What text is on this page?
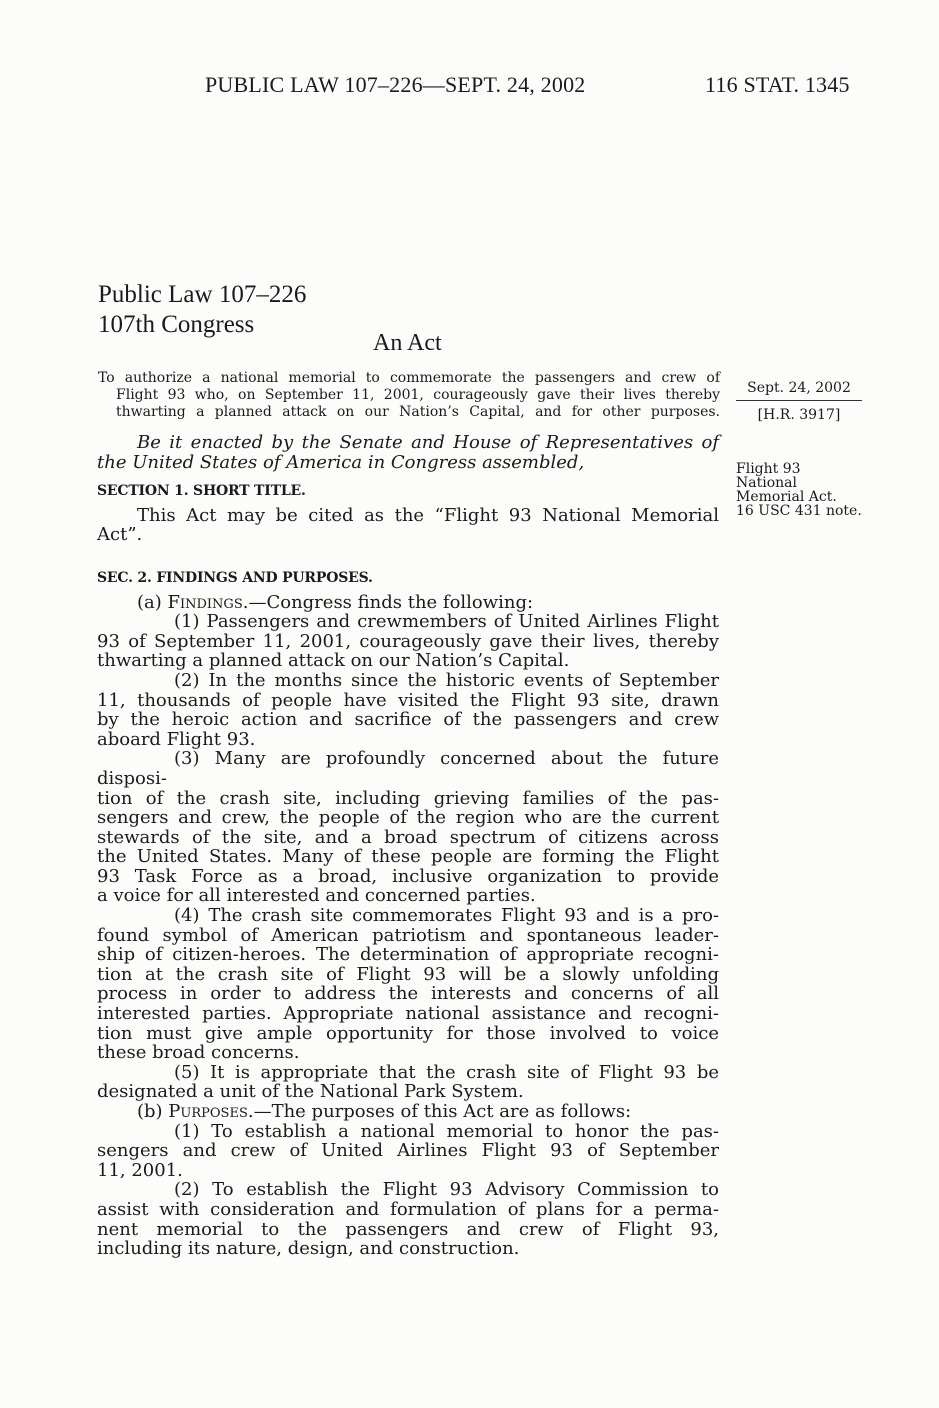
PUBLIC LAW 107–226—SEPT. 24, 2002	116 STAT. 1345
Public Law 107–226
107th Congress
An Act
To authorize a national memorial to commemorate the passengers and crew of
Flight 93 who, on September 11, 2001, courageously gave their lives thereby
thwarting a planned attack on our Nation’s Capital, and for other purposes.
Sept. 24, 2002
[H.R. 3917]
Flight 93
National
Memorial Act.
16 USC 431 note.
Be it enacted by the Senate and House of Representatives of
the United States of America in Congress assembled,
SECTION 1. SHORT TITLE.
This Act may be cited as the “Flight 93 National Memorial
Act”.
SEC. 2. FINDINGS AND PURPOSES.
(a) Findings.—Congress finds the following:
(1) Passengers and crewmembers of United Airlines Flight
93 of September 11, 2001, courageously gave their lives, thereby
thwarting a planned attack on our Nation’s Capital.
(2) In the months since the historic events of September
11, thousands of people have visited the Flight 93 site, drawn
by the heroic action and sacrifice of the passengers and crew
aboard Flight 93.
(3) Many are profoundly concerned about the future disposi-
tion of the crash site, including grieving families of the pas-
sengers and crew, the people of the region who are the current
stewards of the site, and a broad spectrum of citizens across
the United States. Many of these people are forming the Flight
93 Task Force as a broad, inclusive organization to provide
a voice for all interested and concerned parties.
(4) The crash site commemorates Flight 93 and is a pro-
found symbol of American patriotism and spontaneous leader-
ship of citizen-heroes. The determination of appropriate recogni-
tion at the crash site of Flight 93 will be a slowly unfolding
process in order to address the interests and concerns of all
interested parties. Appropriate national assistance and recogni-
tion must give ample opportunity for those involved to voice
these broad concerns.
(5) It is appropriate that the crash site of Flight 93 be
designated a unit of the National Park System.
(b) Purposes.—The purposes of this Act are as follows:
(1) To establish a national memorial to honor the pas-
sengers and crew of United Airlines Flight 93 of September
11, 2001.
(2) To establish the Flight 93 Advisory Commission to
assist with consideration and formulation of plans for a perma-
nent memorial to the passengers and crew of Flight 93,
including its nature, design, and construction.
